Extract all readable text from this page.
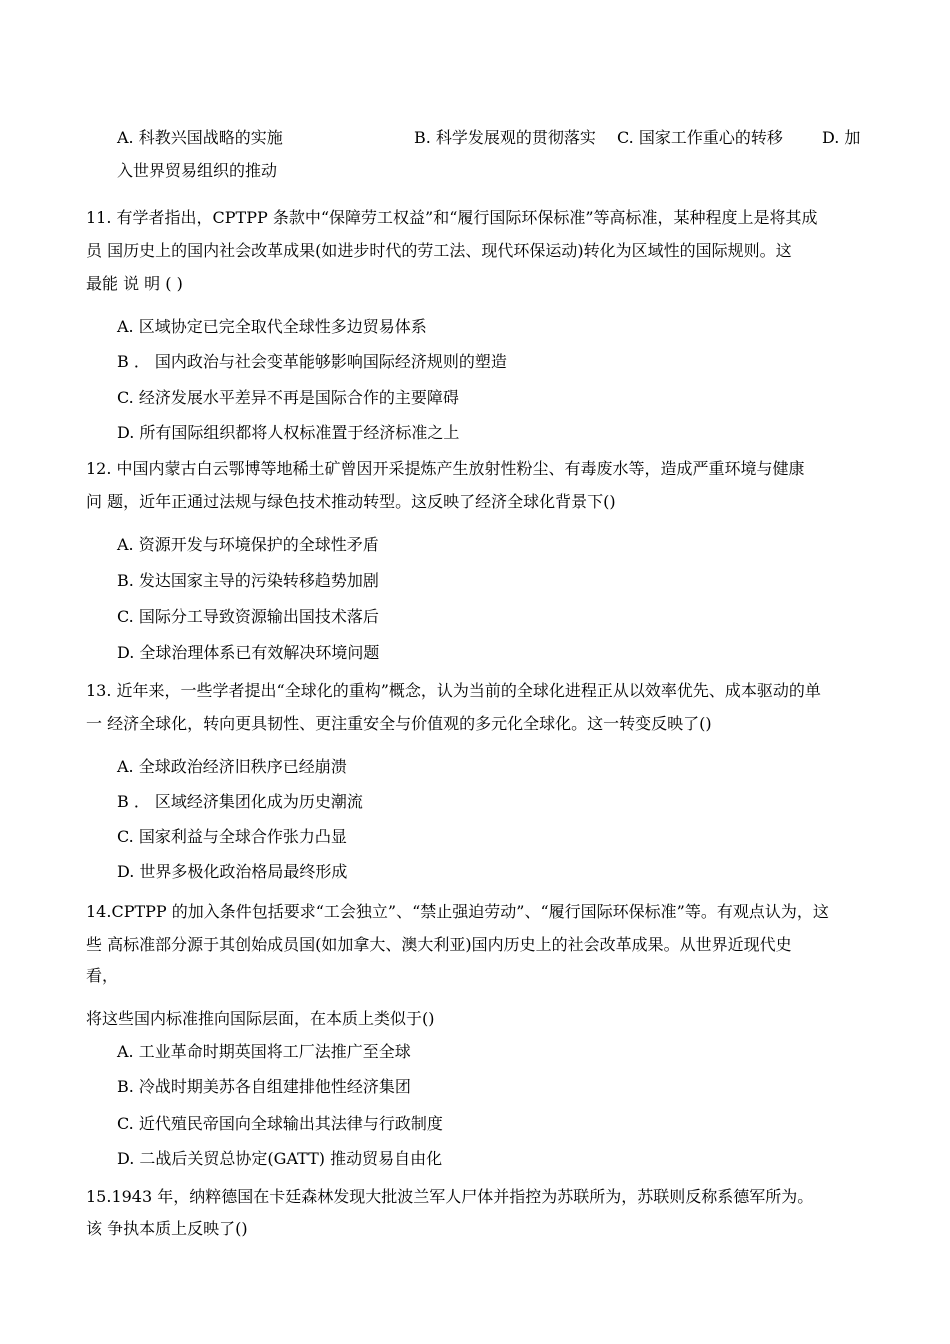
A. 科教兴国战略的实施	B. 科学发展观的贯彻落实 C. 国家工作重心的转移 D. 加
入世界贸易组织的推动
11. 有学者指出，CPTPP 条款中“保障劳工权益”和“履行国际环保标准”等高标准，某种程度上是将其成
员 国历史上的国内社会改革成果(如进步时代的劳工法、现代环保运动)转化为区域性的国际规则。这
最能 说 明 ( )
A. 区域协定已完全取代全球性多边贸易体系
B ． 国内政治与社会变革能够影响国际经济规则的塑造
C. 经济发展水平差异不再是国际合作的主要障碍
D. 所有国际组织都将人权标准置于经济标准之上
12. 中国内蒙古白云鄂博等地稀土矿曾因开采提炼产生放射性粉尘、有毒废水等，造成严重环境与健康
问 题，近年正通过法规与绿色技术推动转型。这反映了经济全球化背景下()
A. 资源开发与环境保护的全球性矛盾
B. 发达国家主导的污染转移趋势加剧
C. 国际分工导致资源输出国技术落后
D. 全球治理体系已有效解决环境问题
13. 近年来，一些学者提出“全球化的重构”概念，认为当前的全球化进程正从以效率优先、成本驱动的单
一 经济全球化，转向更具韧性、更注重安全与价值观的多元化全球化。这一转变反映了()
A. 全球政治经济旧秩序已经崩溃
B ． 区域经济集团化成为历史潮流
C. 国家利益与全球合作张力凸显
D. 世界多极化政治格局最终形成
14.CPTPP 的加入条件包括要求“工会独立”、“禁止强迫劳动”、“履行国际环保标准”等。有观点认为，这
些 高标准部分源于其创始成员国(如加拿大、澳大利亚)国内历史上的社会改革成果。从世界近现代史
看，
将这些国内标准推向国际层面，在本质上类似于()
A. 工业革命时期英国将工厂法推广至全球
B. 冷战时期美苏各自组建排他性经济集团
C. 近代殖民帝国向全球输出其法律与行政制度
D. 二战后关贸总协定(GATT) 推动贸易自由化
15.1943 年，纳粹德国在卡廷森林发现大批波兰军人尸体并指控为苏联所为，苏联则反称系德军所为。
该 争执本质上反映了()
